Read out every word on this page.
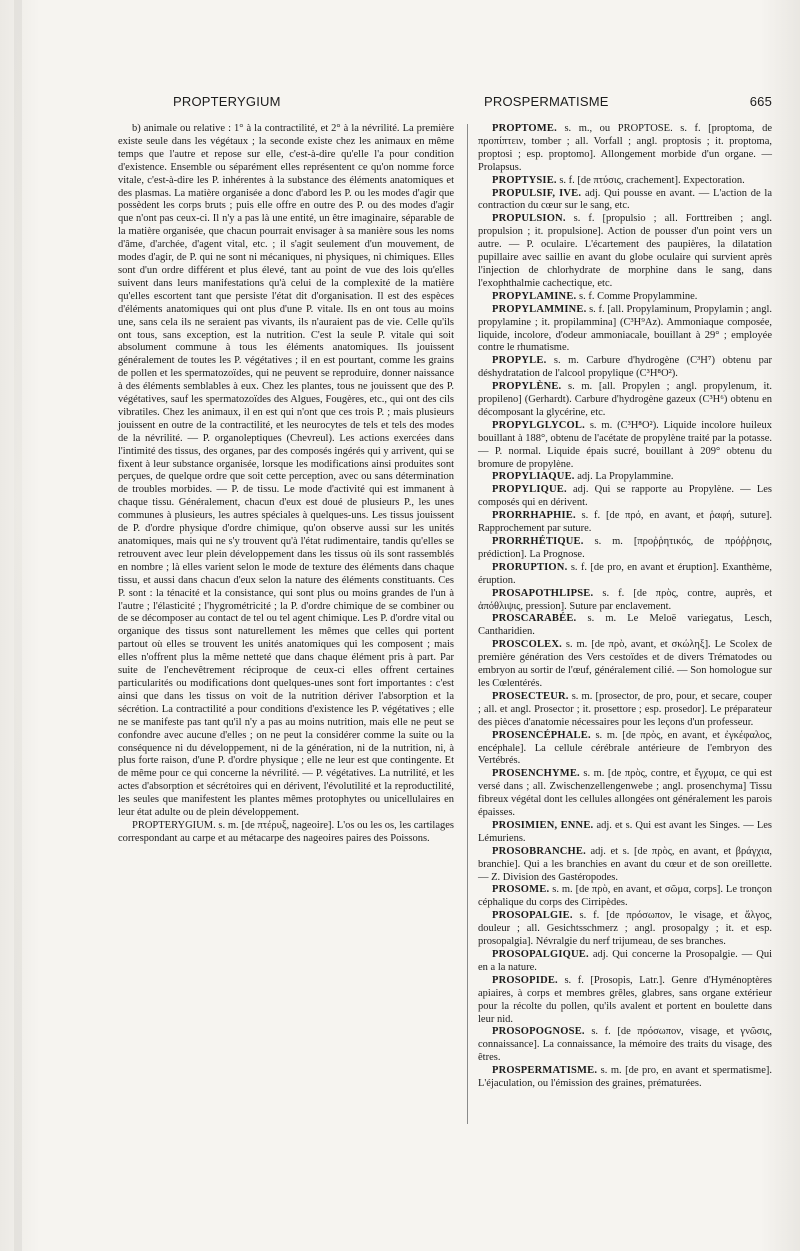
PROPTERYGIUM	PROSPERMATISME	665

b) animale ou relative : 1° à la contractilité, et 2° à la névrilité. La première existe seule dans les végétaux ; la seconde existe chez les animaux en même temps que l'autre et repose sur elle, c'est-à-dire qu'elle l'a pour condition d'existence. Ensemble ou séparément elles représentent ce qu'on nomme force vitale, c'est-à-dire les P. inhérentes à la substance des éléments anatomiques et des plasmas. La matière organisée a donc d'abord les P. ou les modes d'agir que possèdent les corps bruts ; puis elle offre en outre des P. ou des modes d'agir que n'ont pas ceux-ci. Il n'y a pas là une entité, un être imaginaire, séparable de la matière organisée, que chacun pourrait envisager à sa manière sous les noms d'âme, d'archée, d'agent vital, etc. ; il s'agit seulement d'un mouvement, de modes d'agir, de P. qui ne sont ni mécaniques, ni physiques, ni chimiques. Elles sont d'un ordre différent et plus élevé, tant au point de vue des lois qu'elles suivent dans leurs manifestations qu'à celui de la complexité de la matière qu'elles escortent tant que persiste l'état dit d'organisation. Il est des espèces d'éléments anatomiques qui ont plus d'une P. vitale. Ils en ont tous au moins une, sans cela ils ne seraient pas vivants, ils n'auraient pas de vie. Celle qu'ils ont tous, sans exception, est la nutrition. C'est la seule P. vitale qui soit absolument commune à tous les éléments anatomiques. Ils jouissent généralement de toutes les P. végétatives ; il en est pourtant, comme les grains de pollen et les spermatozoïdes, qui ne peuvent se reproduire, donner naissance à des éléments semblables à eux. Chez les plantes, tous ne jouissent que des P. végétatives, sauf les spermatozoïdes des Algues, Fougères, etc., qui ont des cils vibratiles. Chez les animaux, il en est qui n'ont que ces trois P. ; mais plusieurs jouissent en outre de la contractilité, et les neurocytes de tels et tels des modes de la névrilité. — P. organoleptiques (Chevreul). Les actions exercées dans l'intimité des tissus, des organes, par des composés ingérés qui y arrivent, qui se fixent à leur substance organisée, lorsque les modifications ainsi produites sont perçues, de quelque ordre que soit cette perception, avec ou sans détermination de troubles morbides. — P. de tissu. Le mode d'activité qui est immanent à chaque tissu. Généralement, chacun d'eux est doué de plusieurs P., les unes communes à plusieurs, les autres spéciales à quelques-uns. Les tissus jouissent de P. d'ordre physique d'ordre chimique, qu'on observe aussi sur les unités anatomiques, mais qui ne s'y trouvent qu'à l'état rudimentaire, tandis qu'elles se retrouvent avec leur plein développement dans les tissus où ils sont rassemblés en nombre ; là elles varient selon le mode de texture des éléments dans chaque tissu, et aussi dans chacun d'eux selon la nature des éléments constituants. Ces P. sont : la ténacité et la consistance, qui sont plus ou moins grandes de l'un à l'autre ; l'élasticité ; l'hygrométricité ; la P. d'ordre chimique de se combiner ou de se décomposer au contact de tel ou tel agent chimique. Les P. d'ordre vital ou organique des tissus sont naturellement les mêmes que celles qui portent partout où elles se trouvent les unités anatomiques qui les composent ; mais elles n'offrent plus la même netteté que dans chaque élément pris à part. Par suite de l'enchevêtrement réciproque de ceux-ci elles offrent certaines particularités ou modifications dont quelques-unes sont fort importantes : c'est ainsi que dans les tissus on voit de la nutrition dériver l'absorption et la sécrétion. La contractilité a pour conditions d'existence les P. végétatives ; elle ne se manifeste pas tant qu'il n'y a pas au moins nutrition, mais elle ne peut se confondre avec aucune d'elles ; on ne peut la considérer comme la suite ou la conséquence ni du développement, ni de la génération, ni de la nutrition, ni, à plus forte raison, d'une P. d'ordre physique ; elle ne leur est que contingente. Et de même pour ce qui concerne la névrilité. — P. végétatives. La nutrilité, et les actes d'absorption et sécrétoires qui en dérivent, l'évolutilité et la reproductilité, les seules que manifestent les plantes mêmes protophytes ou unicellulaires en leur état adulte ou de plein développement.

PROPTERYGIUM. s. m. [de πτέρυξ, nageoire]. L'os ou les os, les cartilages correspondant au carpe et au métacarpe des nageoires paires des Poissons.

PROPTOME. s. m., ou PROPTOSE. s. f. [proptoma, de προπίπτειν, tomber ; all. Vorfall ; angl. proptosis ; it. proptoma, proptosi ; esp. proptomo]. Allongement morbide d'un organe. — Prolapsus.

PROPTYSIE. s. f. [de πτύσις, crachement]. Expectoration.

PROPULSIF, IVE. adj. Qui pousse en avant. — L'action de la contraction du cœur sur le sang, etc.

PROPULSION. s. f. [propulsio ; all. Forttreiben ; angl. propulsion ; it. propulsione]. Action de pousser d'un point vers un autre. — P. oculaire. L'écartement des paupières, la dilatation pupillaire avec saillie en avant du globe oculaire qui survient après l'injection de chlorhydrate de morphine dans le sang, dans l'exophthalmie cachectique, etc.

PROPYLAMINE. s. f. Comme Propylammine.

PROPYLAMMINE. s. f. [all. Propylaminum, Propylamin ; angl. propylamine ; it. propilammina] (C³H⁹Az). Ammoniaque composée, liquide, incolore, d'odeur ammoniacale, bouillant à 29° ; employée contre le rhumatisme.

PROPYLE. s. m. Carbure d'hydrogène (C³H⁷) obtenu par déshydratation de l'alcool propylique (C³H⁸O²).

PROPYLÈNE. s. m. [all. Propylen ; angl. propylenum, it. propileno] (Gerhardt). Carbure d'hydrogène gazeux (C³H⁶) obtenu en décomposant la glycérine, etc.

PROPYLGLYCOL. s. m. (C³H⁸O²). Liquide incolore huileux bouillant à 188°, obtenu de l'acétate de propylène traité par la potasse. — P. normal. Liquide épais sucré, bouillant à 209° obtenu du bromure de propylène.

PROPYLIAQUE. adj. La Propylammine.

PROPYLIQUE. adj. Qui se rapporte au Propylène. — Les composés qui en dérivent.

PRORRHAPHIE. s. f. [de πρό, en avant, et ῥαφή, suture]. Rapprochement par suture.

PRORRHÉTIQUE. s. m. [προῤῥητικός, de πρόῤῥησις, prédiction]. La Prognose.

PRORUPTION. s. f. [de pro, en avant et éruption]. Exanthème, éruption.

PROSAPOTHLIPSE. s. f. [de πρὸς, contre, auprès, et ἀπόθλιψις, pression]. Suture par enclavement.

PROSCARABÉE. s. m. Le Meloë variegatus, Lesch, Cantharidien.

PROSCOLEX. s. m. [de πρὸ, avant, et σκώληξ]. Le Scolex de première génération des Vers cestoïdes et de divers Trématodes ou embryon au sortir de l'œuf, généralement cilié. — Son homologue sur les Cœlentérés.

PROSECTEUR. s. m. [prosector, de pro, pour, et secare, couper ; all. et angl. Prosector ; it. prosettore ; esp. prosedor]. Le préparateur des pièces d'anatomie nécessaires pour les leçons d'un professeur.

PROSENCÉPHALE. s. m. [de πρὸς, en avant, et ἐγκέφαλος, encéphale]. La cellule cérébrale antérieure de l'embryon des Vertébrés.

PROSENCHYME. s. m. [de πρὸς, contre, et ἔγχυμα, ce qui est versé dans ; all. Zwischenzellengenwebe ; angl. prosenchyma] Tissu fibreux végétal dont les cellules allongées ont généralement les parois épaisses.

PROSIMIEN, ENNE. adj. et s. Qui est avant les Singes. — Les Lémuriens.

PROSOBRANCHE. adj. et s. [de πρὸς, en avant, et βράγχια, branchie]. Qui a les branchies en avant du cœur et de son oreillette. — Z. Division des Gastéropodes.

PROSOME. s. m. [de πρὸ, en avant, et σῶμα, corps]. Le tronçon céphalique du corps des Cirripèdes.

PROSOPALGIE. s. f. [de πρόσωπον, le visage, et ἄλγος, douleur ; all. Gesichtsschmerz ; angl. prosopalgy ; it. et esp. prosopalgia]. Névralgie du nerf trijumeau, de ses branches.

PROSOPALGIQUE. adj. Qui concerne la Prosopalgie. — Qui en a la nature.

PROSOPIDE. s. f. [Prosopis, Latr.]. Genre d'Hyménoptères apiaires, à corps et membres grêles, glabres, sans organe extérieur pour la récolte du pollen, qu'ils avalent et portent en boulette dans leur nid.

PROSOPOGNOSE. s. f. [de πρόσωπον, visage, et γνῶσις, connaissance]. La connaissance, la mémoire des traits du visage, des êtres.

PROSPERMATISME. s. m. [de pro, en avant et spermatisme]. L'éjaculation, ou l'émission des graines, prématurées.
